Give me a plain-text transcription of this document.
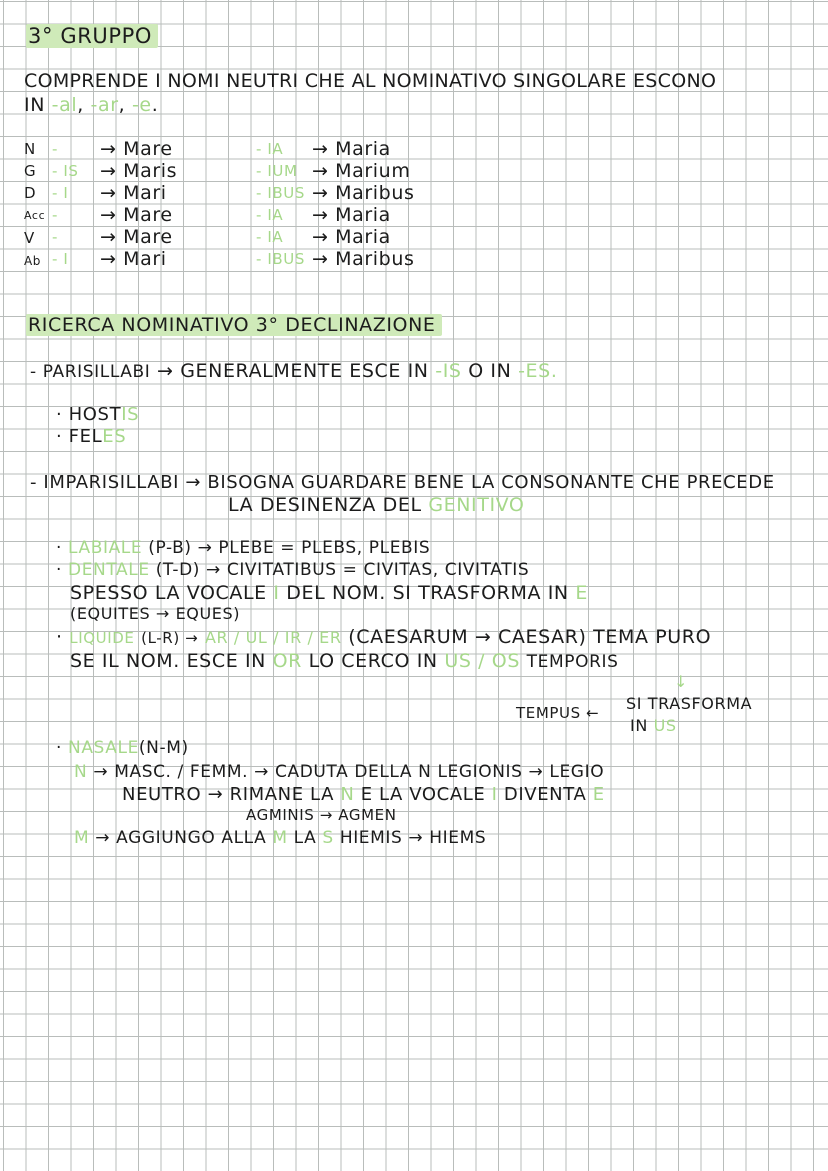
3° GRUPPO
COMPRENDE I NOMI NEUTRI CHE AL NOMINATIVO SINGOLARE ESCONO
IN -al, -ar, -e.
N
G
D
Acc
V
Ab
-
- IS
- I
-
-
- I
→ Mare
→ Maris
→ Mari
→ Mare
→ Mare
→ Mari
- IA
- IUM
- IBUS
- IA
- IA
- IBUS
→ Maria
→ Marium
→ Maribus
→ Maria
→ Maria
→ Maribus
RICERCA NOMINATIVO 3° DECLINAZIONE
- PARISILLABI → GENERALMENTE ESCE IN -IS O IN -ES.
· HOSTIS
· FELES
- IMPARISILLABI → BISOGNA GUARDARE BENE LA CONSONANTE CHE PRECEDE
LA DESINENZA DEL GENITIVO
· LABIALE (P-B) → PLEBE = PLEBS, PLEBIS
· DENTALE (T-D) → CIVITATIBUS = CIVITAS, CIVITATIS
SPESSO LA VOCALE I DEL NOM. SI TRASFORMA IN E
(EQUITES → EQUES)
· LIQUIDE (L-R) → AR / UL / IR / ER (CAESARUM → CAESAR) TEMA PURO
SE IL NOM. ESCE IN OR LO CERCO IN US / OS TEMPORIS
↓
TEMPUS ← SI TRASFORMA
IN US
· NASALE(N-M)
N → MASC. / FEMM. → CADUTA DELLA N LEGIONIS → LEGIO
NEUTRO → RIMANE LA N E LA VOCALE I DIVENTA E
AGMINIS → AGMEN
M → AGGIUNGO ALLA M LA S HIEMIS → HIEMS
